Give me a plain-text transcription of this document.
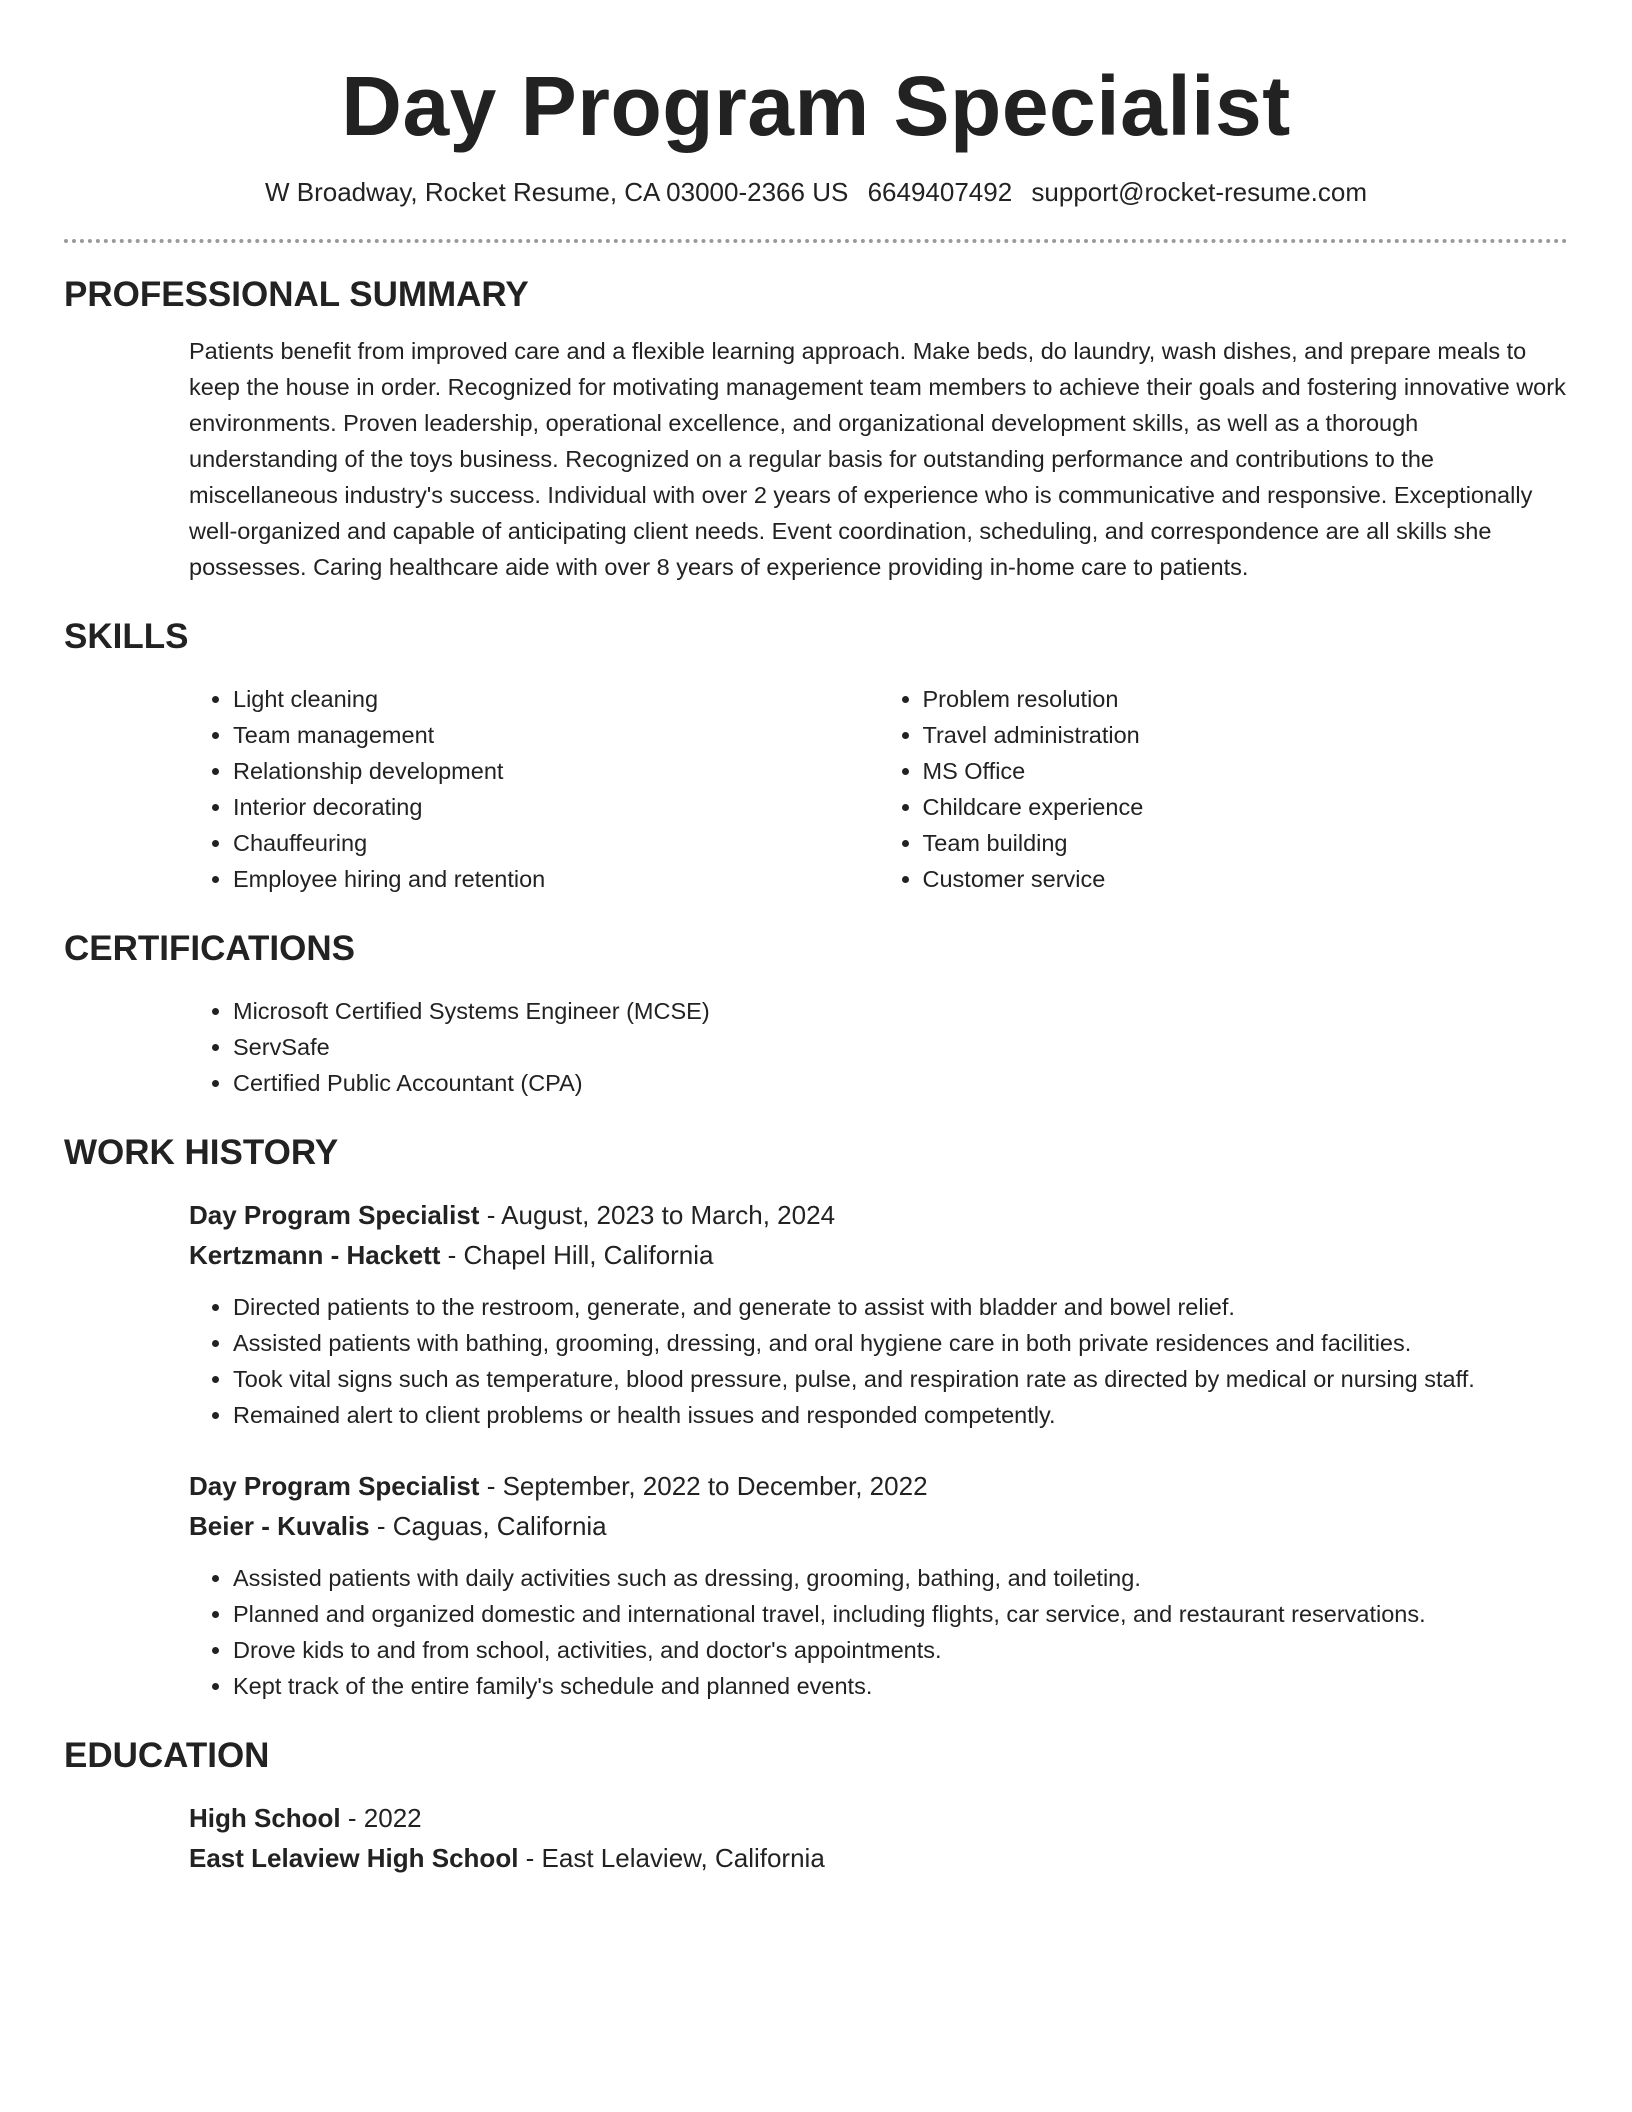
Day Program Specialist
W Broadway, Rocket Resume, CA 03000-2366 US 6649407492 support@rocket-resume.com
PROFESSIONAL SUMMARY

Patients benefit from improved care and a flexible learning approach. Make beds, do laundry, wash dishes, and prepare meals to keep the house in order. Recognized for motivating management team members to achieve their goals and fostering innovative work environments. Proven leadership, operational excellence, and organizational development skills, as well as a thorough understanding of the toys business. Recognized on a regular basis for outstanding performance and contributions to the miscellaneous industry's success. Individual with over 2 years of experience who is communicative and responsive. Exceptionally well-organized and capable of anticipating client needs. Event coordination, scheduling, and correspondence are all skills she possesses. Caring healthcare aide with over 8 years of experience providing in-home care to patients.

SKILLS
• Light cleaning
• Team management
• Relationship development
• Interior decorating
• Chauffeuring
• Employee hiring and retention
• Problem resolution
• Travel administration
• MS Office
• Childcare experience
• Team building
• Customer service
CERTIFICATIONS
• Microsoft Certified Systems Engineer (MCSE)
• ServSafe
• Certified Public Accountant (CPA)
WORK HISTORY
Day Program Specialist - August, 2023 to March, 2024
Kertzmann - Hackett - Chapel Hill, California
• Directed patients to the restroom, generate, and generate to assist with bladder and bowel relief.
• Assisted patients with bathing, grooming, dressing, and oral hygiene care in both private residences and facilities.
• Took vital signs such as temperature, blood pressure, pulse, and respiration rate as directed by medical or nursing staff.
• Remained alert to client problems or health issues and responded competently.
Day Program Specialist - September, 2022 to December, 2022
Beier - Kuvalis - Caguas, California
• Assisted patients with daily activities such as dressing, grooming, bathing, and toileting.
• Planned and organized domestic and international travel, including flights, car service, and restaurant reservations.
• Drove kids to and from school, activities, and doctor's appointments.
• Kept track of the entire family's schedule and planned events.
EDUCATION
High School - 2022
East Lelaview High School - East Lelaview, California
